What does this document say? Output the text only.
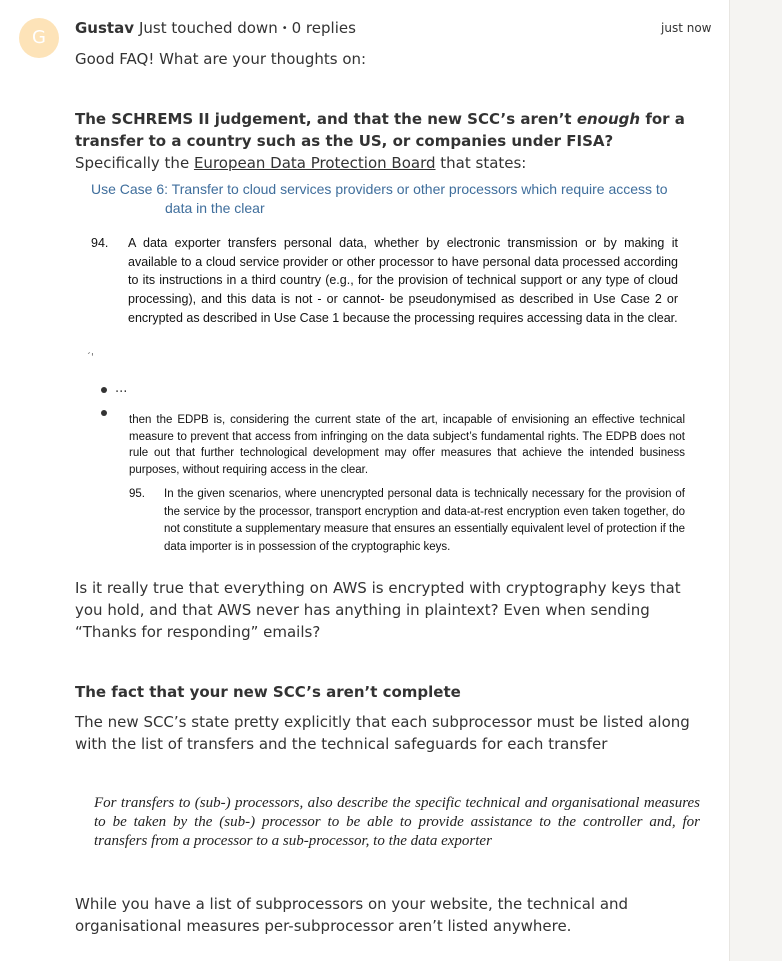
G	Gustav Just touched down • 0 replies	just now

Good FAQ! What are your thoughts on:

The SCHREMS II judgement, and that the new SCC’s aren’t enough for a transfer to a country such as the US, or companies under FISA?

Specifically the European Data Protection Board that states:

Use Case 6: Transfer to cloud services providers or other processors which require access to
data in the clear
94. A data exporter transfers personal data, whether by electronic transmission or by making it available to a cloud service provider or other processor to have personal data processed according to its instructions in a third country (e.g., for the provision of technical support or any type of cloud processing), and this data is not - or cannot- be pseudonymised as described in Use Case 2 or encrypted as described in Use Case 1 because the processing requires accessing data in the clear.
́'
...
then the EDPB is, considering the current state of the art, incapable of envisioning an effective technical measure to prevent that access from infringing on the data subject’s fundamental rights. The EDPB does not rule out that further technological development may offer measures that achieve the intended business purposes, without requiring access in the clear.
95. In the given scenarios, where unencrypted personal data is technically necessary for the provision of the service by the processor, transport encryption and data-at-rest encryption even taken together, do not constitute a supplementary measure that ensures an essentially equivalent level of protection if the data importer is in possession of the cryptographic keys.

Is it really true that everything on AWS is encrypted with cryptography keys that you hold, and that AWS never has anything in plaintext? Even when sending “Thanks for responding” emails?

The fact that your new SCC’s aren’t complete

The new SCC’s state pretty explicitly that each subprocessor must be listed along with the list of transfers and the technical safeguards for each transfer

For transfers to (sub-) processors, also describe the specific technical and organisational measures to be taken by the (sub-) processor to be able to provide assistance to the controller and, for transfers from a processor to a sub-processor, to the data exporter

While you have a list of subprocessors on your website, the technical and organisational measures per-subprocessor aren’t listed anywhere.
